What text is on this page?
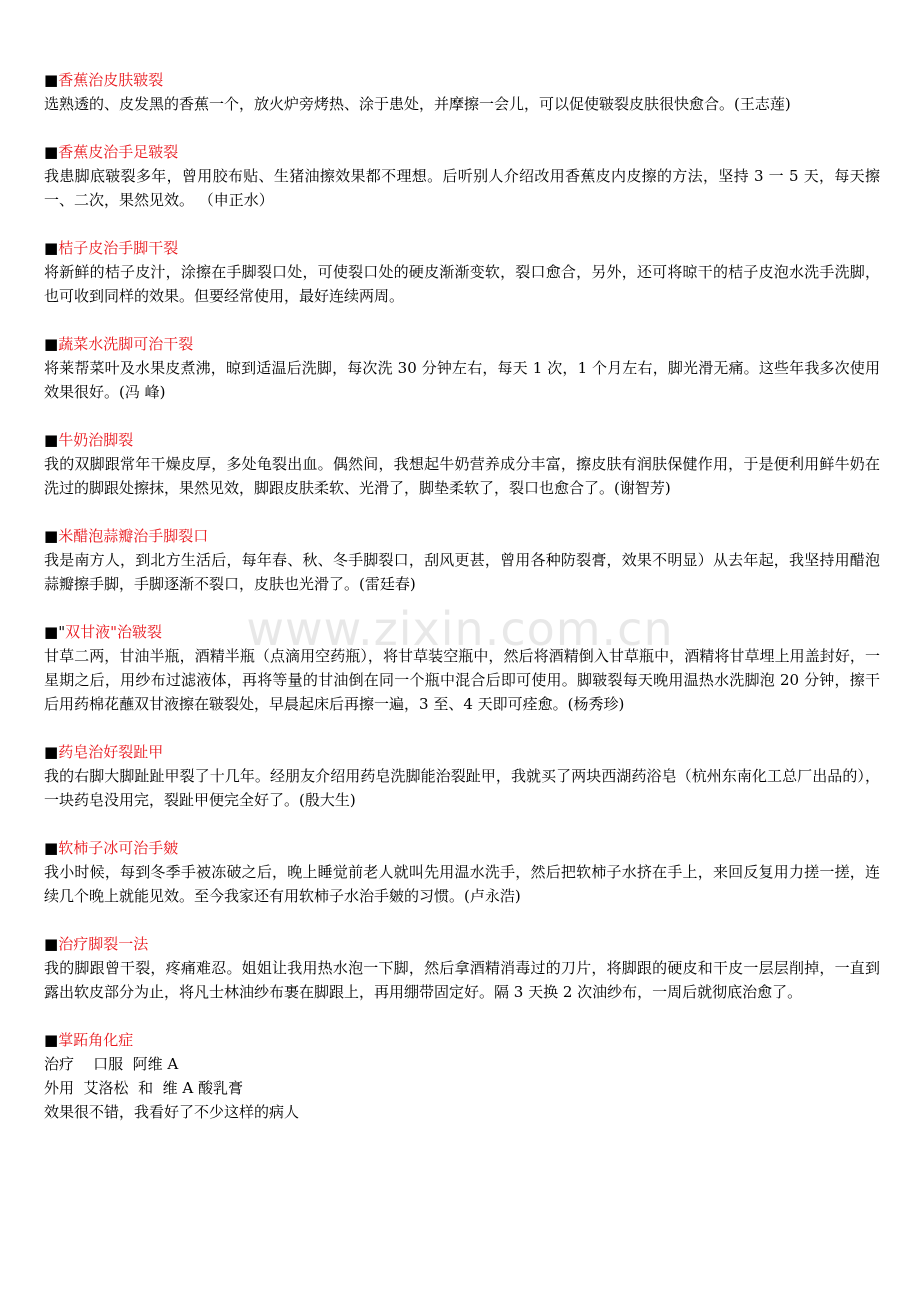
www.zixin.com.cn
■香蕉治皮肤皲裂
选熟透的、皮发黑的香蕉一个，放火炉旁烤热、涂于患处，并摩擦一会儿，可以促使皲裂皮肤很快愈合。(王志莲)
■香蕉皮治手足皲裂
我患脚底皲裂多年，曾用胶布贴、生猪油擦效果都不理想。后听别人介绍改用香蕉皮内皮擦的方法，坚持 3 一 5 天，每天擦一、二次，果然见效。 （申正水）
■桔子皮治手脚干裂
将新鲜的桔子皮汁，涂擦在手脚裂口处，可使裂口处的硬皮渐渐变软，裂口愈合，另外，还可将晾干的桔子皮泡水洗手洗脚，也可收到同样的效果。但要经常使用，最好连续两周。
■蔬菜水洗脚可治干裂
将莱帮菜叶及水果皮煮沸，晾到适温后洗脚，每次洗 30 分钟左右，每天 1 次，1 个月左右，脚光滑无痛。这些年我多次使用效果很好。(冯 峰)
■牛奶治脚裂
我的双脚跟常年干燥皮厚，多处龟裂出血。偶然间，我想起牛奶营养成分丰富，擦皮肤有润肤保健作用，于是便利用鲜牛奶在洗过的脚跟处擦抹，果然见效，脚跟皮肤柔软、光滑了，脚垫柔软了，裂口也愈合了。(谢智芳)
■米醋泡蒜瓣治手脚裂口
我是南方人，到北方生活后，每年春、秋、冬手脚裂口，刮风更甚，曾用各种防裂膏，效果不明显）从去年起，我坚持用醋泡蒜瓣擦手脚，手脚逐渐不裂口，皮肤也光滑了。(雷廷春)
■"双甘液"治皲裂
甘草二两，甘油半瓶，酒精半瓶（点滴用空药瓶），将甘草装空瓶中，然后将酒精倒入甘草瓶中，酒精将甘草埋上用盖封好，一星期之后，用纱布过滤液体，再将等量的甘油倒在同一个瓶中混合后即可使用。脚皲裂每天晚用温热水洗脚泡 20 分钟，擦干后用药棉花蘸双甘液擦在皲裂处，早晨起床后再擦一遍，3 至、4 天即可痊愈。(杨秀珍)
■药皂治好裂趾甲
我的右脚大脚趾趾甲裂了十几年。经朋友介绍用药皂洗脚能治裂趾甲，我就买了两块西湖药浴皂（杭州东南化工总厂出品的），一块药皂没用完，裂趾甲便完全好了。(殷大生)
■软柿子冰可治手皴
我小时候，每到冬季手被冻破之后，晚上睡觉前老人就叫先用温水洗手，然后把软柿子水挤在手上，来回反复用力搓一搓，连续几个晚上就能见效。至今我家还有用软柿子水治手皴的习惯。(卢永浩)
■治疗脚裂一法
我的脚跟曾干裂，疼痛难忍。姐姐让我用热水泡一下脚，然后拿酒精消毒过的刀片，将脚跟的硬皮和干皮一层层削掉，一直到露出软皮部分为止，将凡士林油纱布裹在脚跟上，再用绷带固定好。隔 3 天换 2 次油纱布，一周后就彻底治愈了。
■掌跖角化症
治疗    口服  阿维 A
外用  艾洛松  和  维 A 酸乳膏
效果很不错，我看好了不少这样的病人
